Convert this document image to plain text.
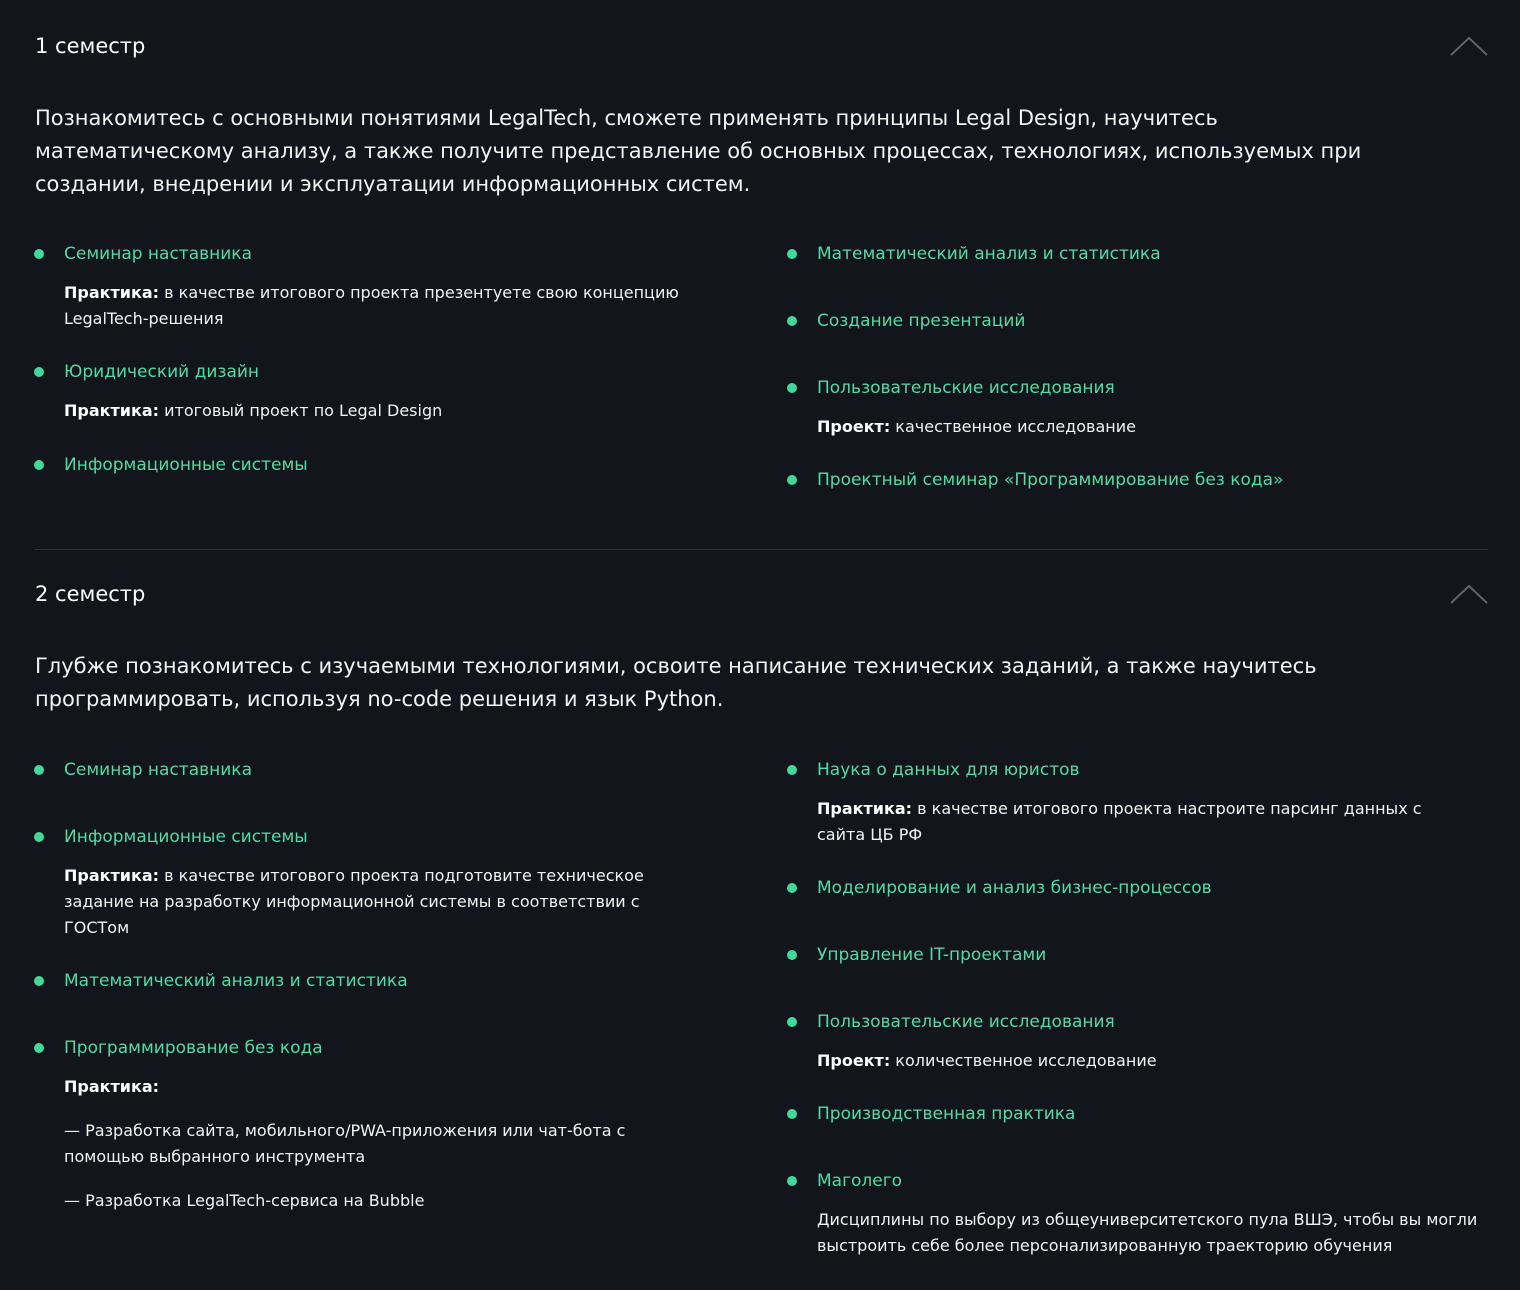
1 семестр

Познакомитесь с основными понятиями LegalTech, сможете применять принципы Legal Design, научитесь математическому анализу, а также получите представление об основных процессах, технологиях, используемых при создании, внедрении и эксплуатации информационных систем.

Семинар наставника
Практика: в качестве итогового проекта презентуете свою концепцию LegalTech-решения
Юридический дизайн
Практика: итоговый проект по Legal Design
Информационные системы
Математический анализ и статистика
Создание презентаций
Пользовательские исследования
Проект: качественное исследование
Проектный семинар «Программирование без кода»
2 семестр

Глубже познакомитесь с изучаемыми технологиями, освоите написание технических заданий, а также научитесь программировать, используя no-code решения и язык Python.

Семинар наставника
Информационные системы
Практика: в качестве итогового проекта подготовите техническое задание на разработку информационной системы в соответствии с ГОСТом
Математический анализ и статистика
Программирование без кода
Практика:
— Разработка сайта, мобильного/PWA-приложения или чат-бота с помощью выбранного инструмента
— Разработка LegalTech-сервиса на Bubble
Наука о данных для юристов
Практика: в качестве итогового проекта настроите парсинг данных с сайта ЦБ РФ
Моделирование и анализ бизнес-процессов
Управление IT-проектами
Пользовательские исследования
Проект: количественное исследование
Производственная практика
Маголего
Дисциплины по выбору из общеуниверситетского пула ВШЭ, чтобы вы могли выстроить себе более персонализированную траекторию обучения
